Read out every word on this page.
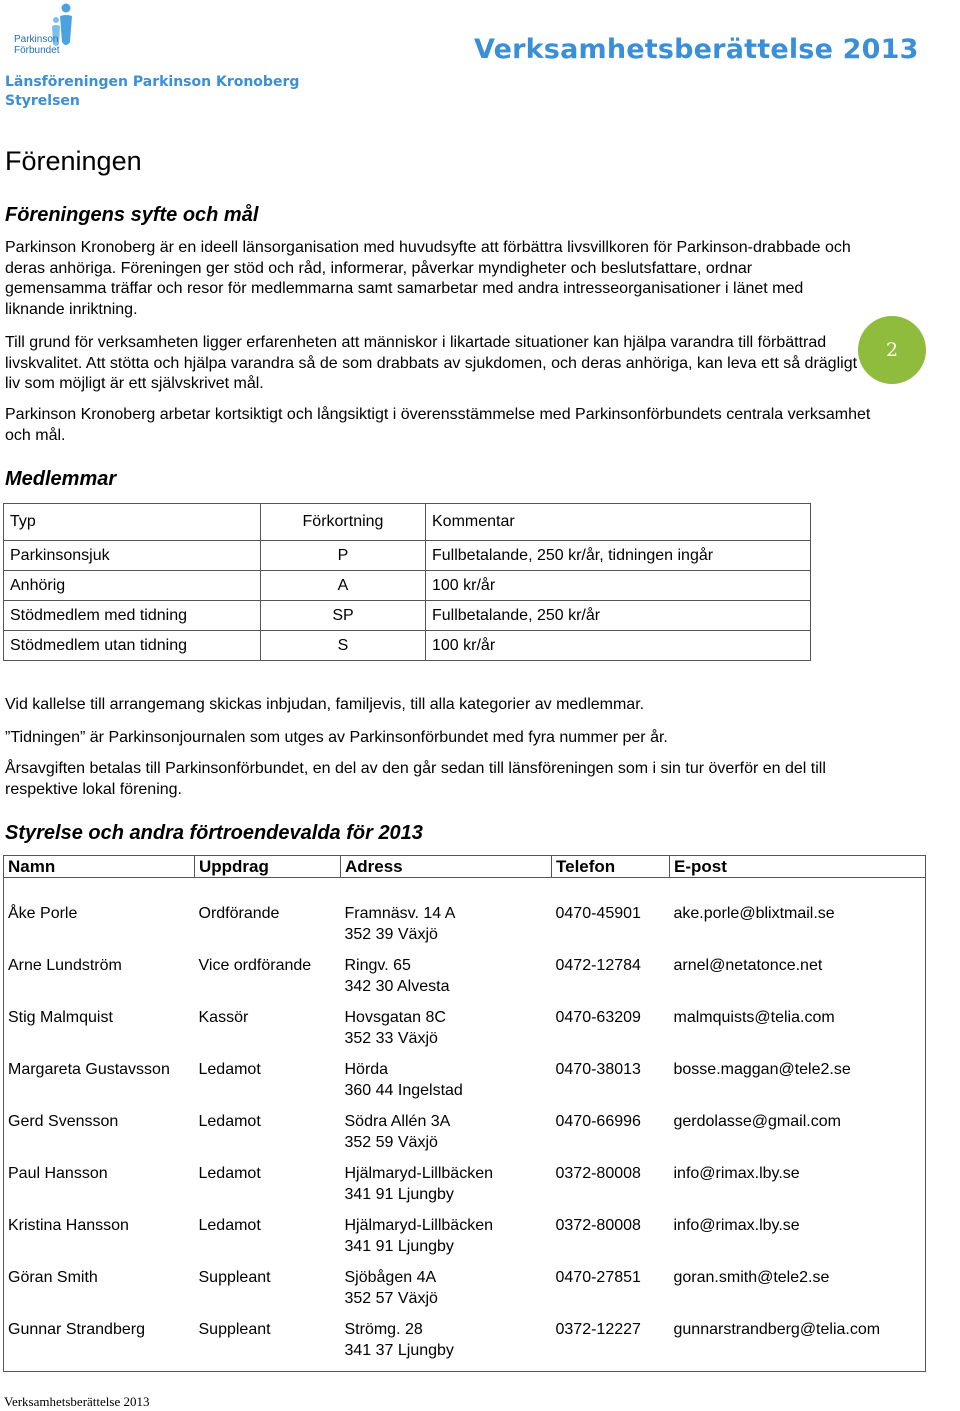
Parkinson
Förbundet
Länsföreningen Parkinson Kronoberg
Styrelsen
Verksamhetsberättelse 2013
2
Föreningen
Föreningens syfte och mål

Parkinson Kronoberg är en ideell länsorganisation med huvudsyfte att förbättra livsvillkoren för Parkinson-drabbade och deras anhöriga. Föreningen ger stöd och råd, informerar, påverkar myndigheter och beslutsfattare, ordnar gemensamma träffar och resor för medlemmarna samt samarbetar med andra intresseorganisationer i länet med liknande inriktning.

Till grund för verksamheten ligger erfarenheten att människor i likartade situationer kan hjälpa varandra till förbättrad livskvalitet. Att stötta och hjälpa varandra så de som drabbats av sjukdomen, och deras anhöriga, kan leva ett så drägligt liv som möjligt är ett självskrivet mål.

Parkinson Kronoberg arbetar kortsiktigt och långsiktigt i överensstämmelse med Parkinsonförbundets centrala verksamhet och mål.

Medlemmar
Typ	Förkortning	Kommentar
Parkinsonsjuk	P	Fullbetalande, 250 kr/år, tidningen ingår
Anhörig	A	100 kr/år
Stödmedlem med tidning	SP	Fullbetalande, 250 kr/år
Stödmedlem utan tidning	S	100 kr/år

Vid kallelse till arrangemang skickas inbjudan, familjevis, till alla kategorier av medlemmar.

”Tidningen” är Parkinsonjournalen som utges av Parkinsonförbundet med fyra nummer per år.

Årsavgiften betalas till Parkinsonförbundet, en del av den går sedan till länsföreningen som i sin tur överför en del till respektive lokal förening.

Styrelse och andra förtroendevalda för 2013
Namn	Uppdrag	Adress	Telefon	E-post

Åke Porle	Ordförande	Framnäsv. 14 A
352 39 Växjö	0470-45901	ake.porle@blixtmail.se
Arne Lundström	Vice ordförande	Ringv. 65
342 30 Alvesta	0472-12784	arnel@netatonce.net
Stig Malmquist	Kassör	Hovsgatan 8C
352 33 Växjö	0470-63209	malmquists@telia.com
Margareta Gustavsson	Ledamot	Hörda
360 44 Ingelstad	0470-38013	bosse.maggan@tele2.se
Gerd Svensson	Ledamot	Södra Allén 3A
352 59 Växjö	0470-66996	gerdolasse@gmail.com
Paul Hansson	Ledamot	Hjälmaryd-Lillbäcken
341 91 Ljungby	0372-80008	info@rimax.lby.se
Kristina Hansson	Ledamot	Hjälmaryd-Lillbäcken
341 91 Ljungby	0372-80008	info@rimax.lby.se
Göran Smith	Suppleant	Sjöbågen 4A
352 57 Växjö	0470-27851	goran.smith@tele2.se
Gunnar Strandberg	Suppleant	Strömg. 28
341 37 Ljungby	0372-12227	gunnarstrandberg@telia.com
Verksamhetsberättelse 2013
